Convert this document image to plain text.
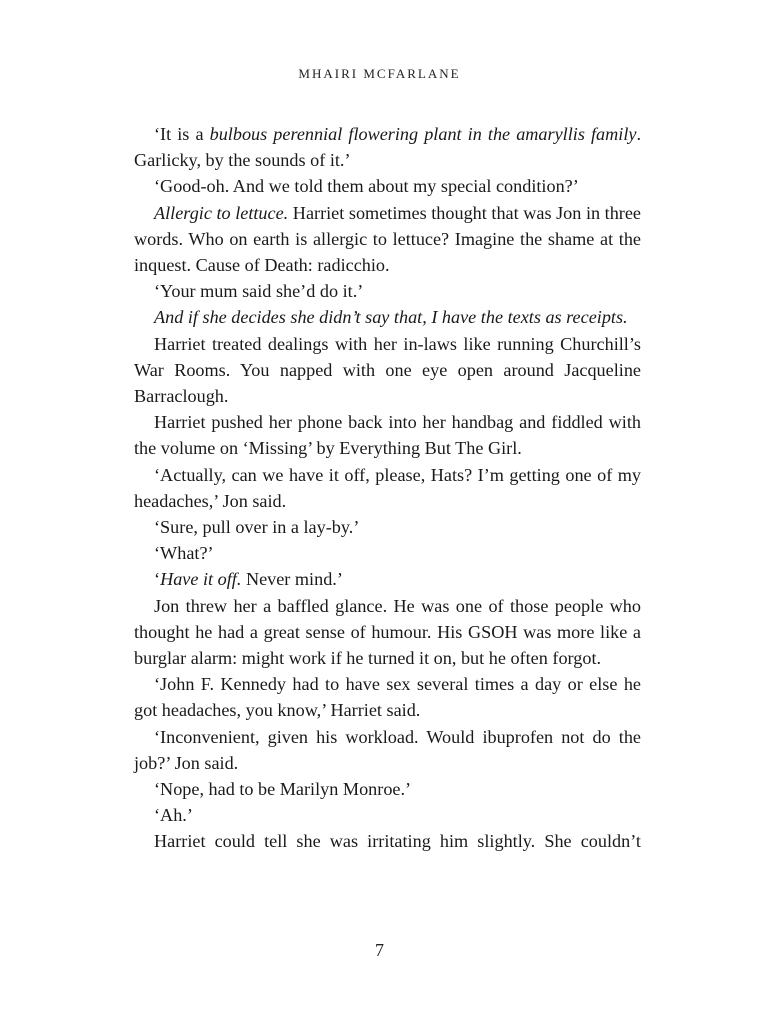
MHAIRI MCFARLANE

‘It is a bulbous perennial flowering plant in the amaryllis family. Garlicky, by the sounds of it.’

‘Good-oh. And we told them about my special condition?’

Allergic to lettuce. Harriet sometimes thought that was Jon in three words. Who on earth is allergic to lettuce? Imagine the shame at the inquest. Cause of Death: radicchio.

‘Your mum said she’d do it.’

And if she decides she didn’t say that, I have the texts as receipts.

Harriet treated dealings with her in-laws like running Churchill’s War Rooms. You napped with one eye open around Jacqueline Barraclough.

Harriet pushed her phone back into her handbag and fiddled with the volume on ‘Missing’ by Everything But The Girl.

‘Actually, can we have it off, please, Hats? I’m getting one of my headaches,’ Jon said.

‘Sure, pull over in a lay-by.’

‘What?’

‘Have it off. Never mind.’

Jon threw her a baffled glance. He was one of those people who thought he had a great sense of humour. His GSOH was more like a burglar alarm: might work if he turned it on, but he often forgot.

‘John F. Kennedy had to have sex several times a day or else he got headaches, you know,’ Harriet said.

‘Inconvenient, given his workload. Would ibuprofen not do the job?’ Jon said.

‘Nope, had to be Marilyn Monroe.’

‘Ah.’

Harriet could tell she was irritating him slightly. She couldn’t

7
